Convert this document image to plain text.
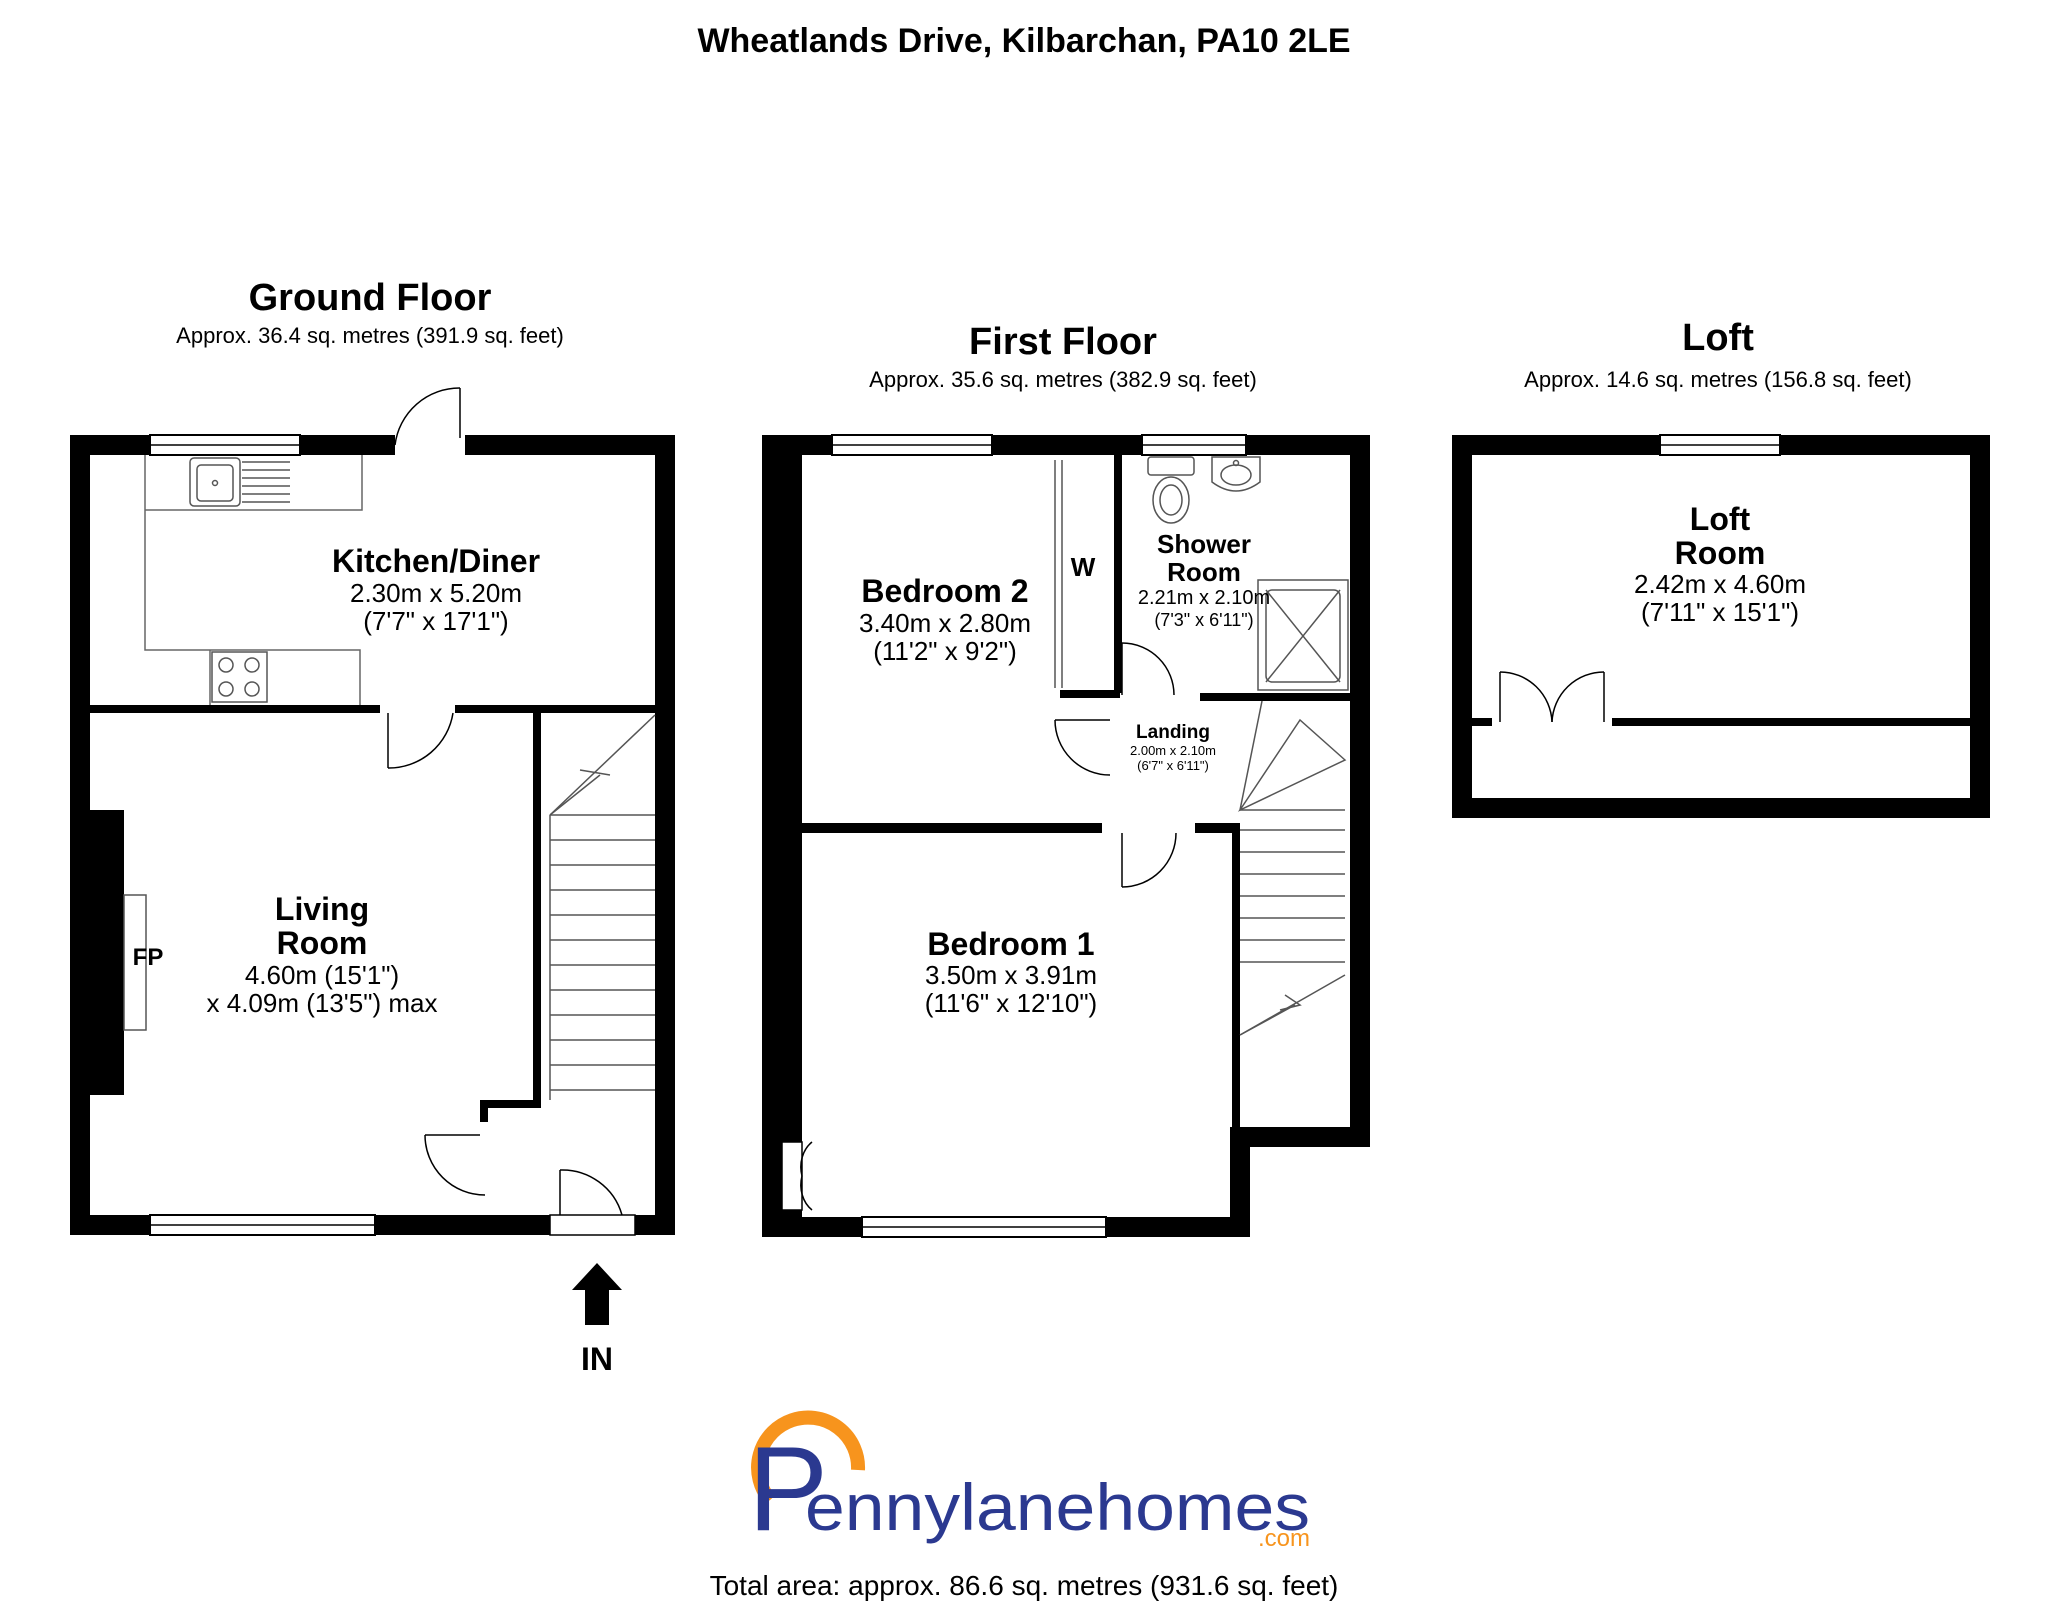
Wheatlands Drive, Kilbarchan, PA10 2LE
Ground Floor
Approx. 36.4 sq. metres (391.9 sq. feet)
FP
Kitchen/Diner
2.30m x 5.20m
(7'7" x 17'1")
Living
Room
4.60m (15'1")
x 4.09m (13'5") max
IN
First Floor
Approx. 35.6 sq. metres (382.9 sq. feet)
W
Bedroom 2
3.40m x 2.80m
(11'2" x 9'2")
Shower
Room
2.21m x 2.10m
(7'3" x 6'11")
Landing
2.00m x 2.10m
(6'7" x 6'11")
Bedroom 1
3.50m x 3.91m
(11'6" x 12'10")
Loft
Approx. 14.6 sq. metres (156.8 sq. feet)
Loft
Room
2.42m x 4.60m
(7'11" x 15'1")
P
ennylanehomes
.com
Total area: approx. 86.6 sq. metres (931.6 sq. feet)
